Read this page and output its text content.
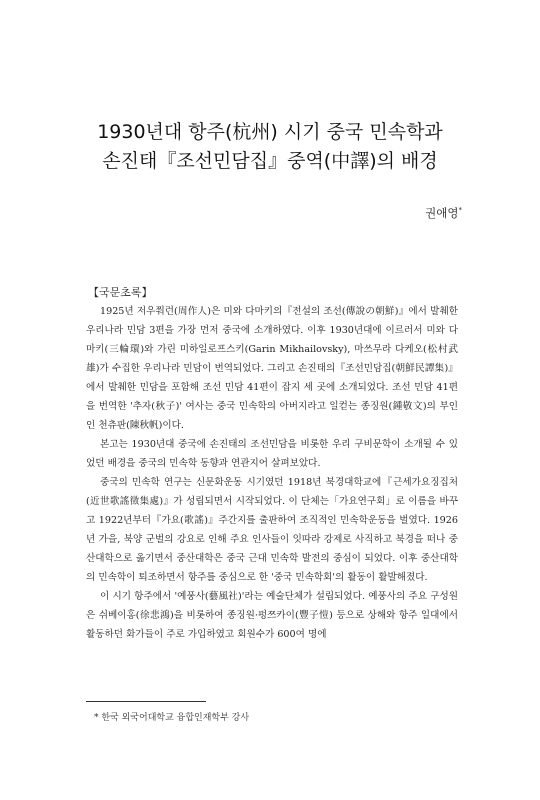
1930년대 항주(杭州) 시기 중국 민속학과
손진태『조선민담집』중역(中譯)의 배경
권애영*
【국문초록】

1925년 저우쭤런(周作人)은 미와 다마키의『전설의 조선(傳說の朝鮮)』에서 발췌한 우리나라 민담 3편을 가장 먼저 중국에 소개하였다. 이후 1930년대에 이르러서 미와 다마키(三輪環)와 가린 미하일로프스키(Garin Mikhailovsky), 마쓰무라 다케오(松村武雄)가 수집한 우리나라 민담이 번역되었다. 그리고 손진태의『조선민담집(朝鮮民譚集)』에서 발췌한 민담을 포함해 조선 민담 41편이 잡지 세 곳에 소개되었다. 조선 민담 41편을 번역한 '추자(秋子)' 여사는 중국 민속학의 아버지라고 일컫는 종징원(鍾敬文)의 부인인 천츄판(陳秋帆)이다.

본고는 1930년대 중국에 손진태의 조선민담을 비롯한 우리 구비문학이 소개될 수 있었던 배경을 중국의 민속학 동향과 연관지어 살펴보았다.

중국의 민속학 연구는 신문화운동 시기였던 1918년 북경대학교에『근세가요징집처(近世歌謠徵集處)』가 성립되면서 시작되었다. 이 단체는「가요연구회」로 이름을 바꾸고 1922년부터『가요(歌謠)』주간지를 출판하여 조직적인 민속학운동을 벌였다. 1926년 가을, 북양 군벌의 강요로 인해 주요 인사들이 잇따라 강제로 사직하고 북경을 떠나 중산대학으로 옮기면서 중산대학은 중국 근대 민속학 발전의 중심이 되었다. 이후 중산대학의 민속학이 퇴조하면서 항주를 중심으로 한 '중국 민속학회'의 활동이 활발해졌다.

이 시기 항주에서 '예풍사(藝風社)'라는 예술단체가 설립되었다. 예풍사의 주요 구성원은 쉬베이홍(徐悲鴻)을 비롯하여 종징원·펑쯔카이(豐子愷) 등으로 상해와 항주 일대에서 활동하던 화가들이 주로 가입하였고 회원수가 600여 명에

* 한국 외국어대학교 융합인재학부 강사
